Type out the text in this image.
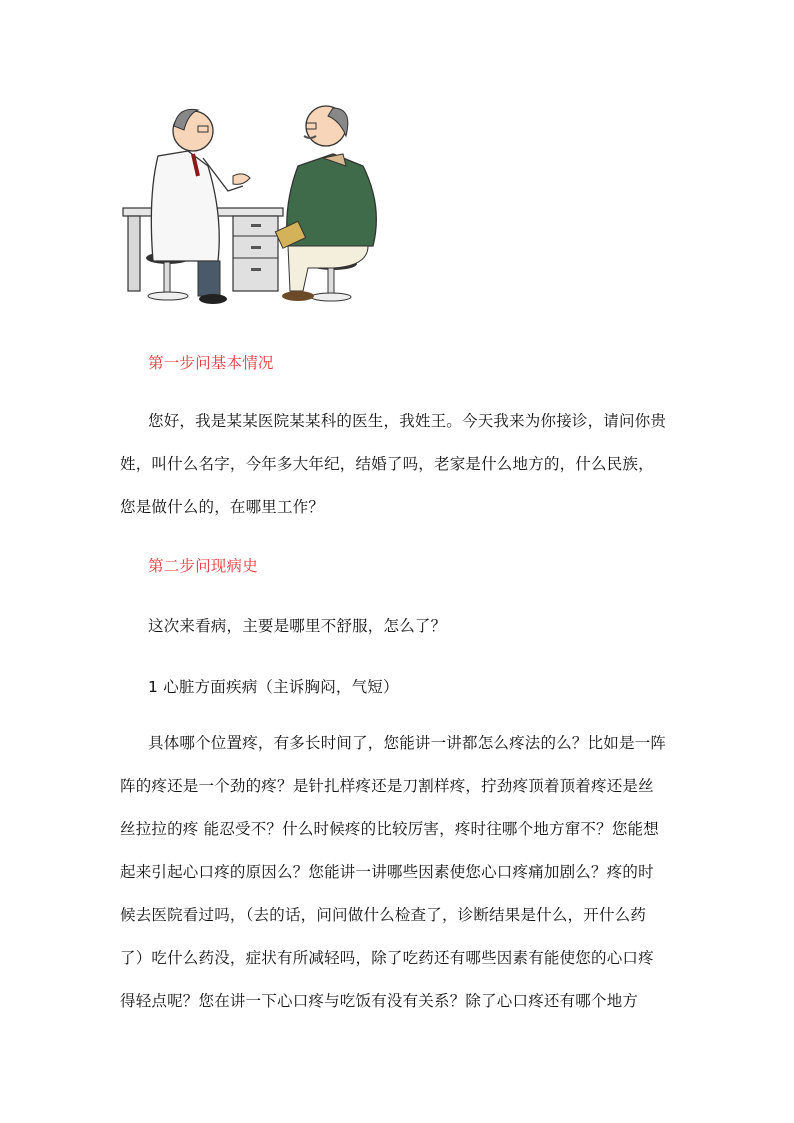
第一步问基本情况

您好，我是某某医院某某科的医生，我姓王。今天我来为你接诊，请问你贵姓，叫什么名字，今年多大年纪，结婚了吗，老家是什么地方的，什么民族，您是做什么的，在哪里工作？

第二步问现病史

这次来看病，主要是哪里不舒服，怎么了？

1 心脏方面疾病（主诉胸闷，气短）

具体哪个位置疼，有多长时间了，您能讲一讲都怎么疼法的么？比如是一阵阵的疼还是一个劲的疼？是针扎样疼还是刀割样疼，拧劲疼顶着顶着疼还是丝丝拉拉的疼 能忍受不？什么时候疼的比较厉害，疼时往哪个地方窜不？您能想起来引起心口疼的原因么？您能讲一讲哪些因素使您心口疼痛加剧么？疼的时候去医院看过吗，（去的话，问问做什么检查了，诊断结果是什么，开什么药了）吃什么药没，症状有所减轻吗，除了吃药还有哪些因素有能使您的心口疼得轻点呢？您在讲一下心口疼与吃饭有没有关系？除了心口疼还有哪个地方
